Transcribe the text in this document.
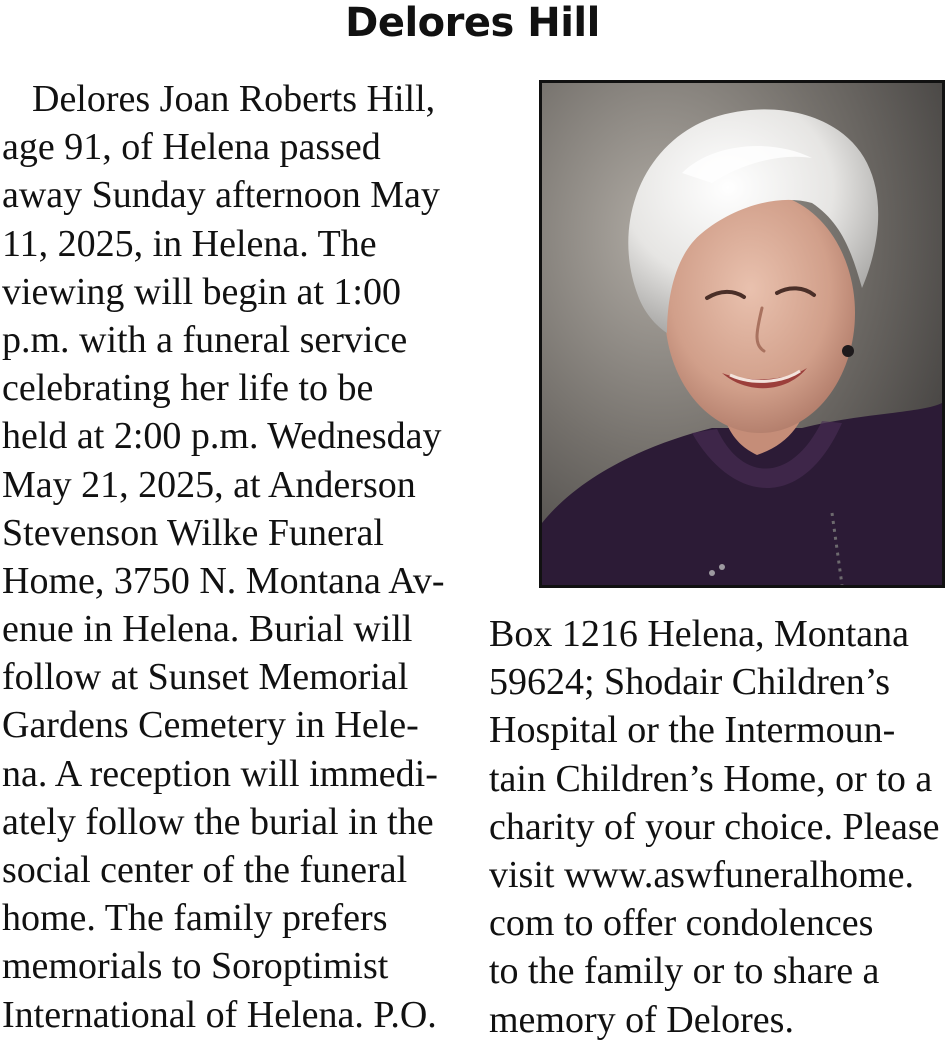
Delores Hill
Delores Joan Roberts Hill,
age 91, of Helena passed
away Sunday afternoon May
11, 2025, in Helena. The
viewing will begin at 1:00
p.m. with a funeral service
celebrating her life to be
held at 2:00 p.m. Wednesday
May 21, 2025, at Anderson
Stevenson Wilke Funeral
Home, 3750 N. Montana Av-
enue in Helena. Burial will
follow at Sunset Memorial
Gardens Cemetery in Hele-
na. A reception will immedi-
ately follow the burial in the
social center of the funeral
home. The family prefers
memorials to Soroptimist
International of Helena. P.O.
Box 1216 Helena, Montana
59624; Shodair Children’s
Hospital or the Intermoun-
tain Children’s Home, or to a
charity of your choice. Please
visit www.aswfuneralhome.
com to offer condolences
to the family or to share a
memory of Delores.
